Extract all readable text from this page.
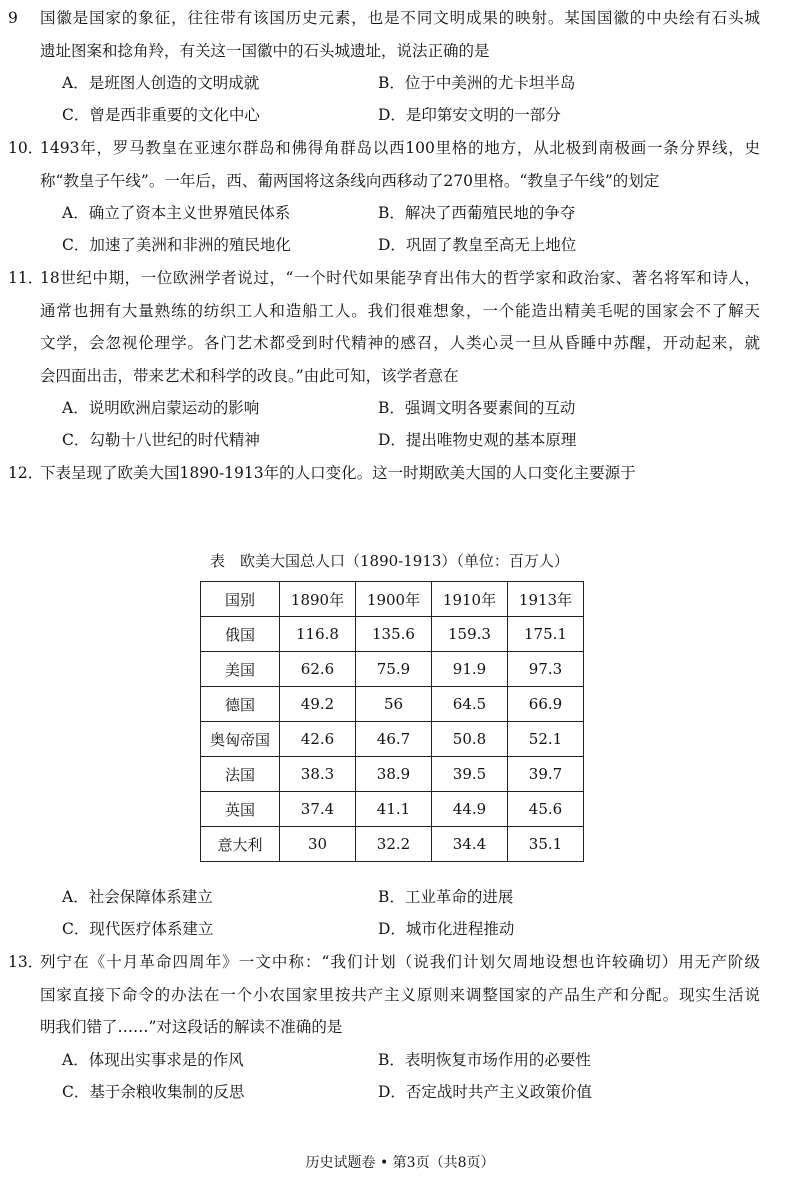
9 国徽是国家的象征，往往带有该国历史元素，也是不同文明成果的映射。某国国徽的中央绘有石头城
遗址图案和捻角羚，有关这一国徽中的石头城遗址，说法正确的是
A．是班图人创造的文明成就	B．位于中美洲的尤卡坦半岛
C．曾是西非重要的文化中心	D．是印第安文明的一部分
10．
1493年，罗马教皇在亚速尔群岛和佛得角群岛以西100里格的地方，从北极到南极画一条分界线，史
称“教皇子午线”。一年后，西、葡两国将这条线向西移动了270里格。“教皇子午线”的划定
A．确立了资本主义世界殖民体系	B．解决了西葡殖民地的争夺
C．加速了美洲和非洲的殖民地化	D．巩固了教皇至高无上地位
11．
18世纪中期，一位欧洲学者说过，“一个时代如果能孕育出伟大的哲学家和政治家、著名将军和诗人，
通常也拥有大量熟练的纺织工人和造船工人。我们很难想象，一个能造出精美毛呢的国家会不了解天
文学，会忽视伦理学。各门艺术都受到时代精神的感召，人类心灵一旦从昏睡中苏醒，开动起来，就
会四面出击，带来艺术和科学的改良。”由此可知，该学者意在
A．说明欧洲启蒙运动的影响	B．强调文明各要素间的互动
C．勾勒十八世纪的时代精神	D．提出唯物史观的基本原理
12．
下表呈现了欧美大国1890-1913年的人口变化。这一时期欧美大国的人口变化主要源于
A．社会保障体系建立	B．工业革命的进展
C．现代医疗体系建立	D．城市化进程推动
13．
列宁在《十月革命四周年》一文中称：“我们计划（说我们计划欠周地设想也许较确切）用无产阶级
国家直接下命令的办法在一个小农国家里按共产主义原则来调整国家的产品生产和分配。现实生活说
明我们错了……”对这段话的解读不准确的是
A．体现出实事求是的作风	B．表明恢复市场作用的必要性
C．基于余粮收集制的反思	D．否定战时共产主义政策价值
表　欧美大国总人口（1890-1913）（单位：百万人）
国别	1890年	1900年	1910年	1913年
俄国	116.8	135.6	159.3	175.1
美国	62.6	75.9	91.9	97.3
德国	49.2	56	64.5	66.9
奥匈帝国	42.6	46.7	50.8	52.1
法国	38.3	38.9	39.5	39.7
英国	37.4	41.1	44.9	45.6
意大利	30	32.2	34.4	35.1
历史试题卷 • 第3页（共8页）
